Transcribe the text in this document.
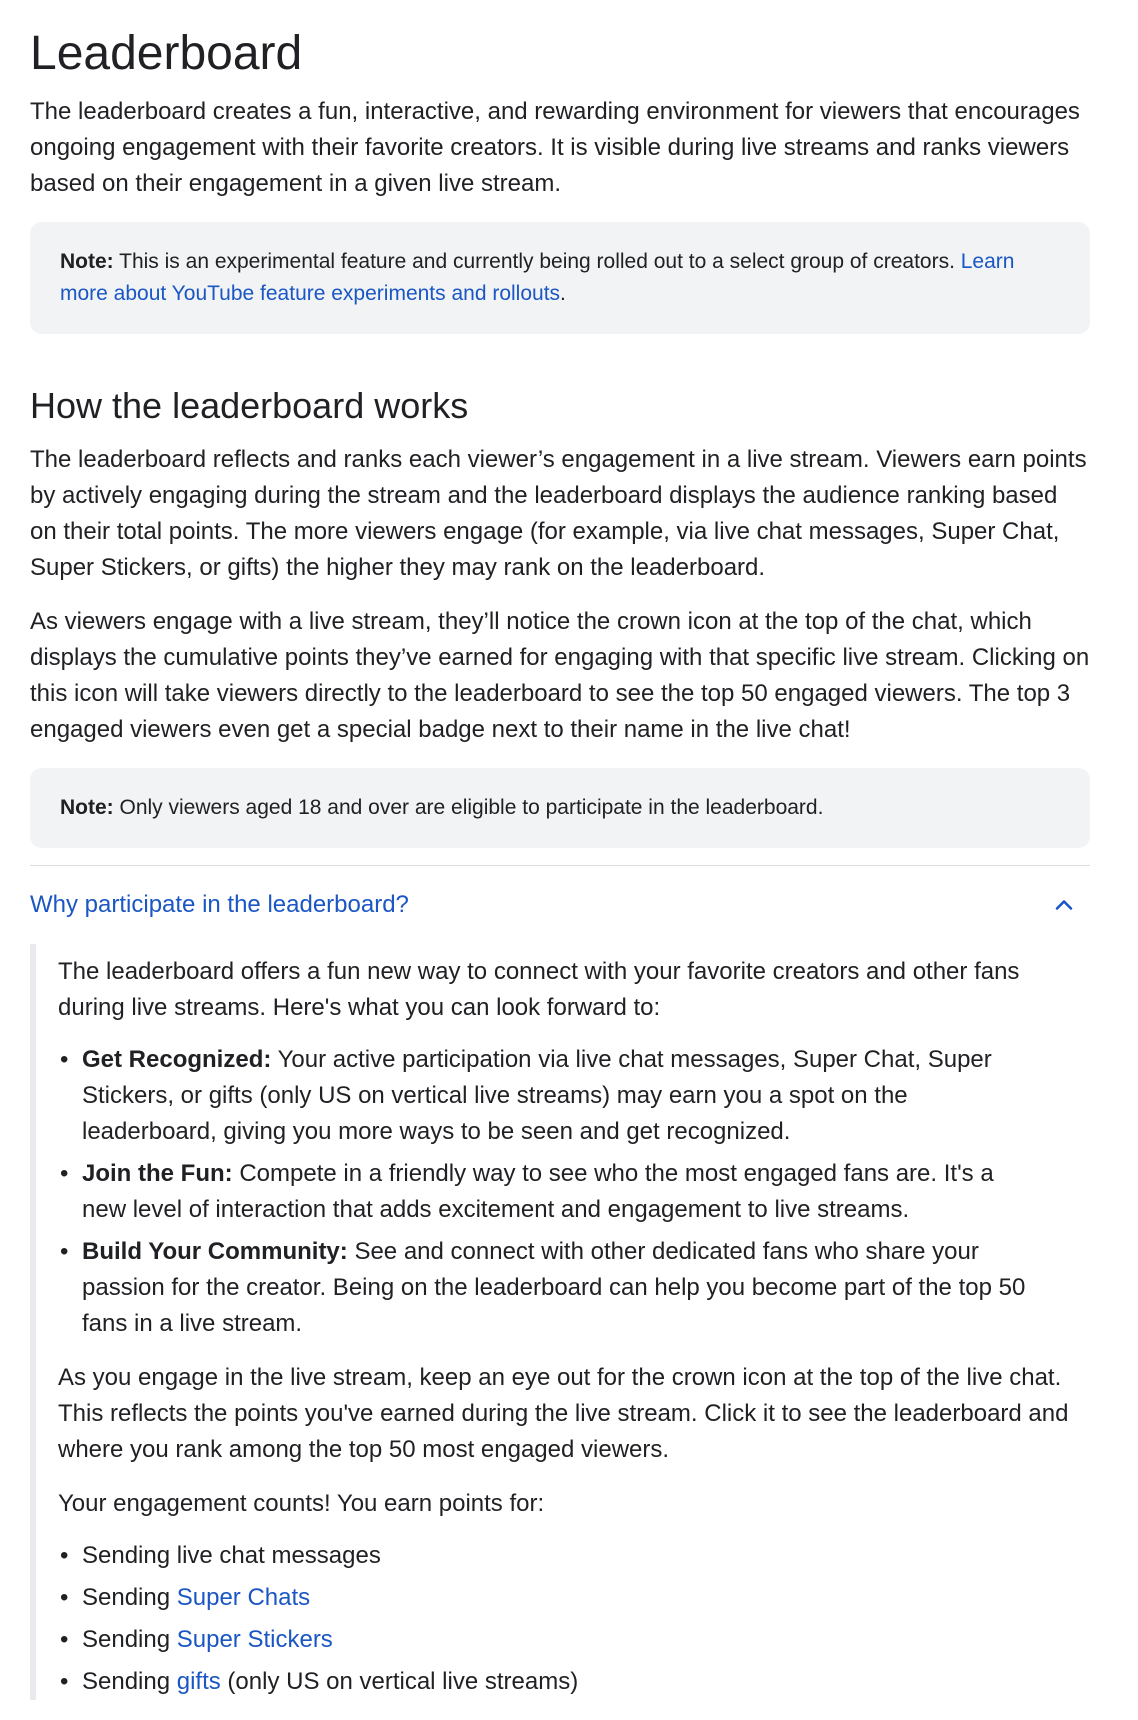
Leaderboard

The leaderboard creates a fun, interactive, and rewarding environment for viewers that encourages ongoing engagement with their favorite creators. It is visible during live streams and ranks viewers based on their engagement in a given live stream.

Note: This is an experimental feature and currently being rolled out to a select group of creators. Learn more about YouTube feature experiments and rollouts.
How the leaderboard works

The leaderboard reflects and ranks each viewer’s engagement in a live stream. Viewers earn points by actively engaging during the stream and the leaderboard displays the audience ranking based on their total points. The more viewers engage (for example, via live chat messages, Super Chat, Super Stickers, or gifts) the higher they may rank on the leaderboard.

As viewers engage with a live stream, they’ll notice the crown icon at the top of the chat, which displays the cumulative points they’ve earned for engaging with that specific live stream. Clicking on this icon will take viewers directly to the leaderboard to see the top 50 engaged viewers. The top 3 engaged viewers even get a special badge next to their name in the live chat!

Note: Only viewers aged 18 and over are eligible to participate in the leaderboard.
Why participate in the leaderboard?

The leaderboard offers a fun new way to connect with your favorite creators and other fans during live streams. Here's what you can look forward to:

• Get Recognized: Your active participation via live chat messages, Super Chat, Super Stickers, or gifts (only US on vertical live streams) may earn you a spot on the leaderboard, giving you more ways to be seen and get recognized.
• Join the Fun: Compete in a friendly way to see who the most engaged fans are. It's a new level of interaction that adds excitement and engagement to live streams.
• Build Your Community: See and connect with other dedicated fans who share your passion for the creator. Being on the leaderboard can help you become part of the top 50 fans in a live stream.

As you engage in the live stream, keep an eye out for the crown icon at the top of the live chat. This reflects the points you've earned during the live stream. Click it to see the leaderboard and where you rank among the top 50 most engaged viewers.

Your engagement counts! You earn points for:

• Sending live chat messages
• Sending Super Chats
• Sending Super Stickers
• Sending gifts (only US on vertical live streams)
